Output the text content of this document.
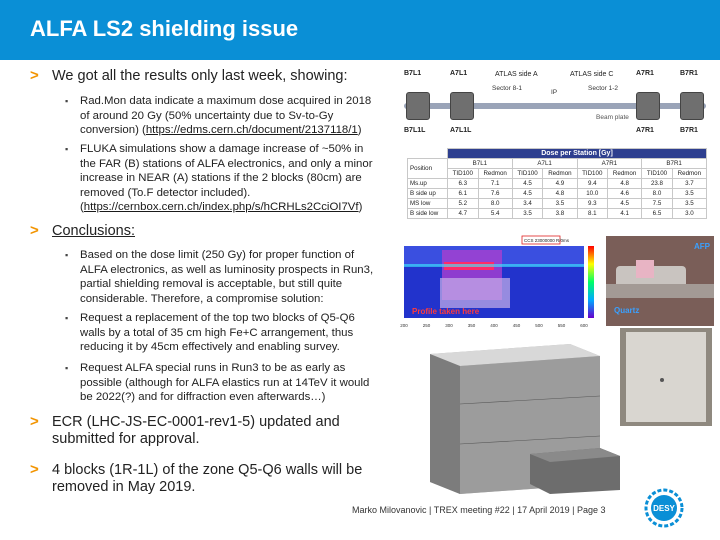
ALFA LS2 shielding issue
> We got all the results only last week, showing:
▪ Rad.Mon data indicate a maximum dose acquired in 2018 of around 20 Gy (50% uncertainty due to Sv-to-Gy conversion) (https://edms.cern.ch/document/2137118/1)
▪ FLUKA simulations show a damage increase of ~50% in the FAR (B) stations of ALFA electronics, and only a minor increase in NEAR (A) stations if the 2 blocks (80cm) are removed (To.F detector included). (https://cernbox.cern.ch/index.php/s/hCRHLs2CciOI7Vf)
> Conclusions:
▪ Based on the dose limit (250 Gy) for proper function of ALFA electronics, as well as luminosity prospects in Run3, partial shielding removal is acceptable, but still quite considerable. Therefore, a compromise solution:
▪ Request a replacement of the top two blocks of Q5-Q6 walls by a total of 35 cm high Fe+C arrangement, thus reducing it by 45cm effectively and enabling survey.
▪ Request ALFA special runs in Run3 to be as early as possible (although for ALFA elastics run at 14TeV it would be 2022(?) and for diffraction even afterwards…)
> ECR (LHC-JS-EC-0001-rev1-5) updated and submitted for approval.
> 4 blocks (1R-1L) of the zone Q5-Q6 walls will be removed in May 2019.
B7L1	A7L1	ATLAS side A	ATLAS side C	A7R1	B7R1
Sector 8-1	Sector 1-2
IP
Beam plate
B7L1L	A7L1L	A7R1	B7R1
	Dose per Station [Gy]							
Position	B7L1		A7L1		A7R1		B7R1	
	TID100	Redmon	TID100	Redmon	TID100	Redmon	TID100	Redmon
Ms.up	6.3	7.1	4.5	4.9	9.4	4.8	23.8	3.7
B side up	6.1	7.6	4.5	4.8	10.0	4.6	8.0	3.5
MS low	5.2	8.0	3.4	3.5	9.3	4.5	7.5	3.5
B side low	4.7	5.4	3.5	3.8	8.1	4.1	6.5	3.0
CCS 23000000 R/0ms
Profile taken here
200	250	300	350	400	450	500	550	600
AFP
Quartz
DESY
Marko Milovanovic | TREX meeting #22 | 17 April 2019 | Page 3
